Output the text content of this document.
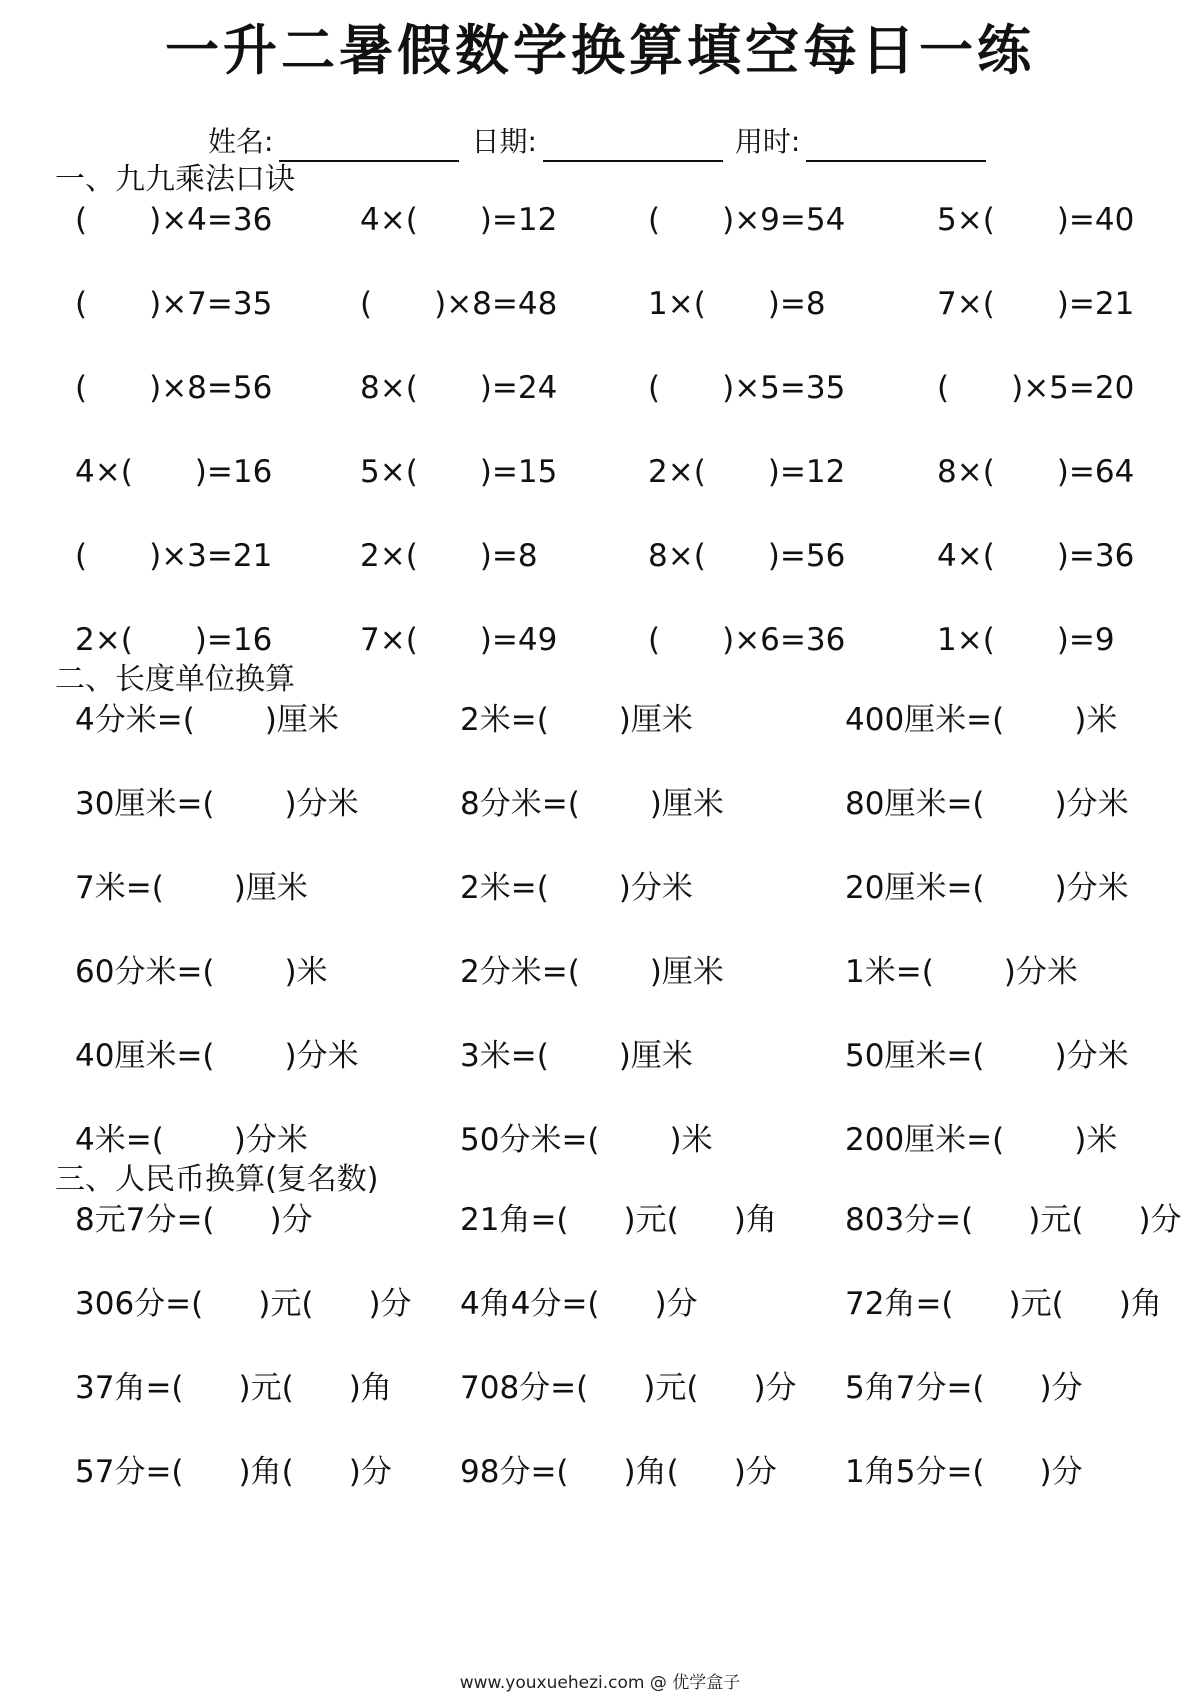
一升二暑假数学换算填空每日一练
姓名:	日期:	用时:
一、九九乘法口诀
( )×4=36	4×( )=12	( )×9=54	5×( )=40
( )×7=35	( )×8=48	1×( )=8	7×( )=21
( )×8=56	8×( )=24	( )×5=35	( )×5=20
4×( )=16	5×( )=15	2×( )=12	8×( )=64
( )×3=21	2×( )=8	8×( )=56	4×( )=36
2×( )=16	7×( )=49	( )×6=36	1×( )=9
二、长度单位换算
4分米=( )厘米	2米=( )厘米	400厘米=( )米
30厘米=( )分米	8分米=( )厘米	80厘米=( )分米
7米=( )厘米	2米=( )分米	20厘米=( )分米
60分米=( )米	2分米=( )厘米	1米=( )分米
40厘米=( )分米	3米=( )厘米	50厘米=( )分米
4米=( )分米	50分米=( )米	200厘米=( )米
三、人民币换算(复名数)
8元7分=( )分	21角=( )元( )角 803分=( )元( )分
306分=( )元( )分 4角4分=( )分	72角=( )元( )角
37角=( )元( )角 708分=( )元( )分 5角7分=( )分
57分=( )角( )分 98分=( )角( )分 1角5分=( )分
www.youxuehezi.com @ 优学盒子
